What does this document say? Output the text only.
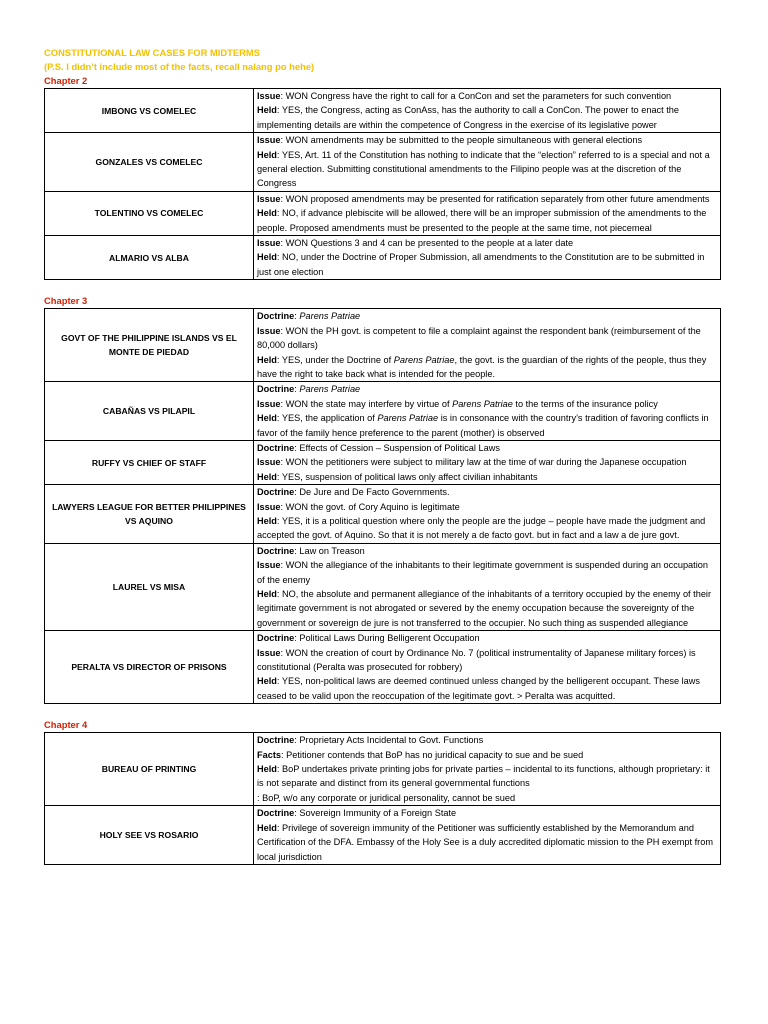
CONSTITUTIONAL LAW CASES FOR MIDTERMS
(P.S. I didn’t include most of the facts, recall nalang po hehe)
Chapter 2
IMBONG VS COMELEC	Issue: WON Congress have the right to call for a ConCon and set the parameters for such convention
Held: YES, the Congress, acting as ConAss, has the authority to call a ConCon. The power to enact the implementing details are within the competence of Congress in the exercise of its legislative power

GONZALES VS COMELEC	Issue: WON amendments may be submitted to the people simultaneous with general elections
Held: YES, Art. 11 of the Constitution has nothing to indicate that the “election” referred to is a special and not a general election. Submitting constitutional amendments to the Filipino people was at the discretion of the Congress

TOLENTINO VS COMELEC	Issue: WON proposed amendments may be presented for ratification separately from other future amendments
Held: NO, if advance plebiscite will be allowed, there will be an improper submission of the amendments to the people. Proposed amendments must be presented to the people at the same time, not piecemeal

ALMARIO VS ALBA	Issue: WON Questions 3 and 4 can be presented to the people at a later date
Held: NO, under the Doctrine of Proper Submission, all amendments to the Constitution are to be submitted in just one election
Chapter 3
GOVT OF THE PHILIPPINE ISLANDS VS EL MONTE DE PIEDAD	Doctrine: Parens Patriae
Issue: WON the PH govt. is competent to file a complaint against the respondent bank (reimbursement of the 80,000 dollars)
Held: YES, under the Doctrine of Parens Patriae, the govt. is the guardian of the rights of the people, thus they have the right to take back what is intended for the people.

CABAÑAS VS PILAPIL	Doctrine: Parens Patriae
Issue: WON the state may interfere by virtue of Parens Patriae to the terms of the insurance policy
Held: YES, the application of Parens Patriae is in consonance with the country’s tradition of favoring conflicts in favor of the family hence preference to the parent (mother) is observed

RUFFY VS CHIEF OF STAFF	Doctrine: Effects of Cession – Suspension of Political Laws
Issue: WON the petitioners were subject to military law at the time of war during the Japanese occupation
Held: YES, suspension of political laws only affect civilian inhabitants

LAWYERS LEAGUE FOR BETTER PHILIPPINES VS AQUINO	Doctrine: De Jure and De Facto Governments.
Issue: WON the govt. of Cory Aquino is legitimate
Held: YES, it is a political question where only the people are the judge – people have made the judgment and accepted the govt. of Aquino. So that it is not merely a de facto govt. but in fact and a law a de jure govt.

LAUREL VS MISA	Doctrine: Law on Treason
Issue: WON the allegiance of the inhabitants to their legitimate government is suspended during an occupation of the enemy
Held: NO, the absolute and permanent allegiance of the inhabitants of a territory occupied by the enemy of their legitimate government is not abrogated or severed by the enemy occupation because the sovereignty of the government or sovereign de jure is not transferred to the occupier. No such thing as suspended allegiance

PERALTA VS DIRECTOR OF PRISONS	Doctrine: Political Laws During Belligerent Occupation
Issue: WON the creation of court by Ordinance No. 7 (political instrumentality of Japanese military forces) is constitutional (Peralta was prosecuted for robbery)
Held: YES, non-political laws are deemed continued unless changed by the belligerent occupant. These laws ceased to be valid upon the reoccupation of the legitimate govt. > Peralta was acquitted.
Chapter 4
BUREAU OF PRINTING	Doctrine: Proprietary Acts Incidental to Govt. Functions
Facts: Petitioner contends that BoP has no juridical capacity to sue and be sued
Held: BoP undertakes private printing jobs for private parties – incidental to its functions, although proprietary: it is not separate and distinct from its general governmental functions
: BoP, w/o any corporate or juridical personality, cannot be sued

HOLY SEE VS ROSARIO	Doctrine: Sovereign Immunity of a Foreign State
Held: Privilege of sovereign immunity of the Petitioner was sufficiently established by the Memorandum and Certification of the DFA. Embassy of the Holy See is a duly accredited diplomatic mission to the PH exempt from local jurisdiction
